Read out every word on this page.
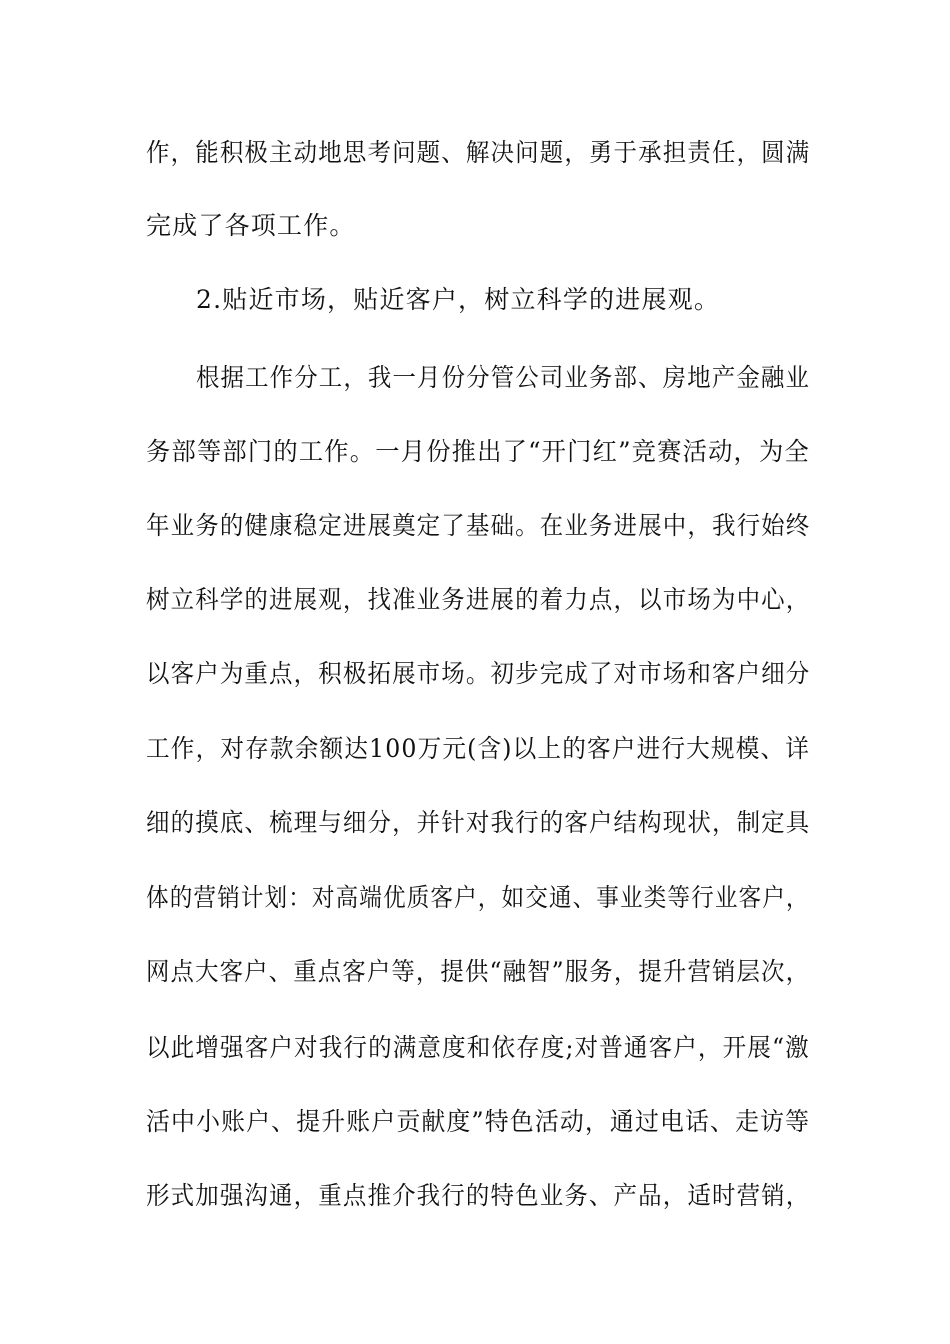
作，能积极主动地思考问题、解决问题，勇于承担责任，圆满
完成了各项工作。
2.贴近市场，贴近客户，树立科学的进展观。
根据工作分工，我一月份分管公司业务部、房地产金融业
务部等部门的工作。一月份推出了“开门红”竞赛活动，为全
年业务的健康稳定进展奠定了基础。在业务进展中，我行始终
树立科学的进展观，找准业务进展的着力点，以市场为中心，
以客户为重点，积极拓展市场。初步完成了对市场和客户细分
工作，对存款余额达100万元(含)以上的客户进行大规模、详
细的摸底、梳理与细分，并针对我行的客户结构现状，制定具
体的营销计划：对高端优质客户，如交通、事业类等行业客户，
网点大客户、重点客户等，提供“融智”服务，提升营销层次，
以此增强客户对我行的满意度和依存度;对普通客户，开展“激
活中小账户、提升账户贡献度”特色活动，通过电话、走访等
形式加强沟通，重点推介我行的特色业务、产品，适时营销，
